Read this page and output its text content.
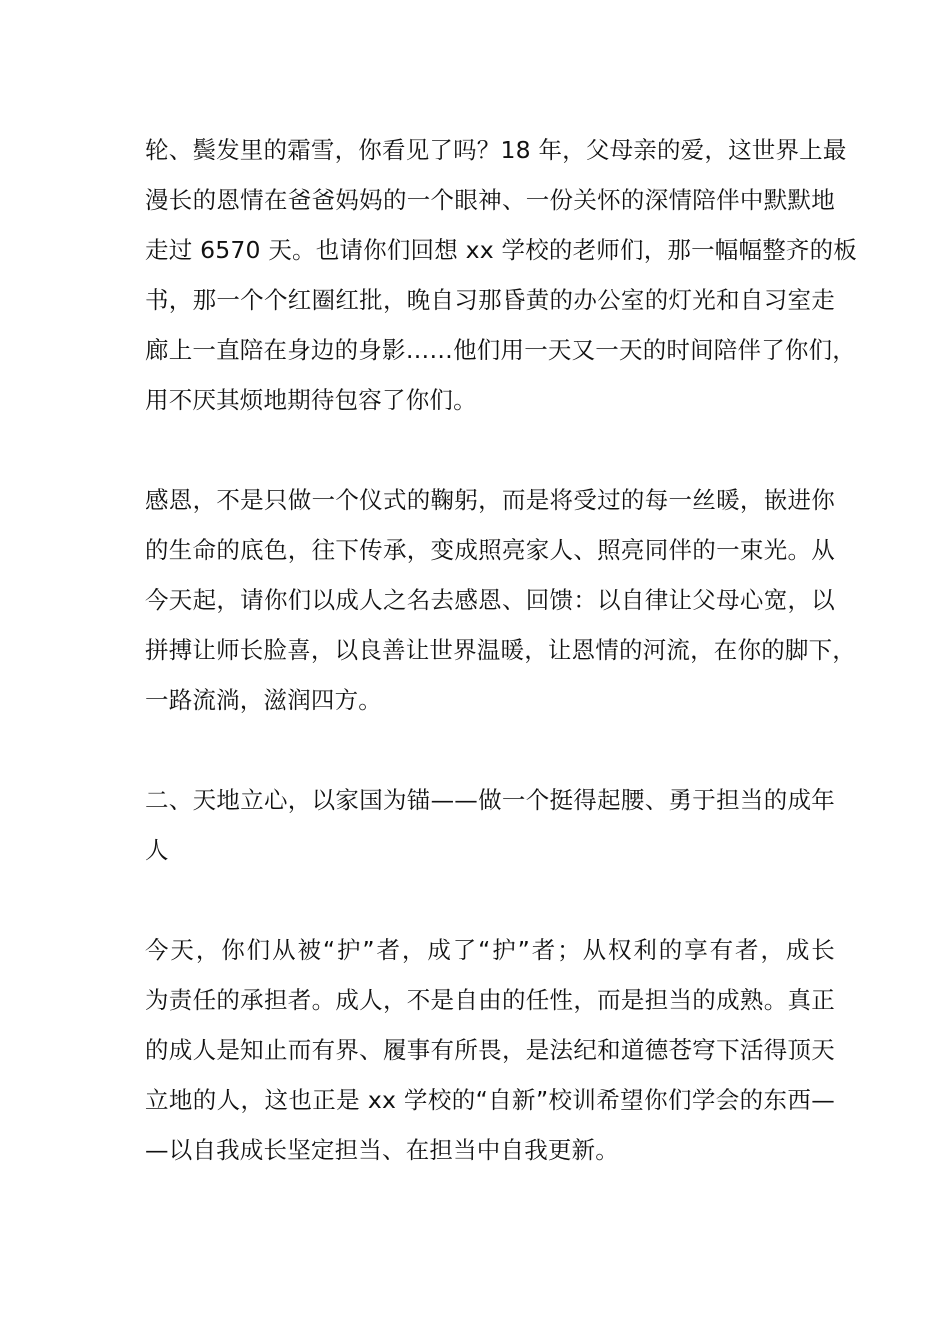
轮、鬓发里的霜雪，你看见了吗？18 年，父母亲的爱，这世界上最
漫长的恩情在爸爸妈妈的一个眼神、一份关怀的深情陪伴中默默地
走过 6570 天。也请你们回想 xx 学校的老师们，那一幅幅整齐的板
书，那一个个红圈红批，晚自习那昏黄的办公室的灯光和自习室走
廊上一直陪在身边的身影……他们用一天又一天的时间陪伴了你们，
用不厌其烦地期待包容了你们。
感恩，不是只做一个仪式的鞠躬，而是将受过的每一丝暖，嵌进你
的生命的底色，往下传承，变成照亮家人、照亮同伴的一束光。从
今天起，请你们以成人之名去感恩、回馈：以自律让父母心宽，以
拼搏让师长脸喜，以良善让世界温暖，让恩情的河流，在你的脚下，
一路流淌，滋润四方。
二、天地立心，以家国为锚——做一个挺得起腰、勇于担当的成年
人
今天，你们从被“护”者，成了“护”者；从权利的享有者，成长
为责任的承担者。成人，不是自由的任性，而是担当的成熟。真正
的成人是知止而有界、履事有所畏，是法纪和道德苍穹下活得顶天
立地的人，这也正是 xx 学校的“自新”校训希望你们学会的东西—
—以自我成长坚定担当、在担当中自我更新。
